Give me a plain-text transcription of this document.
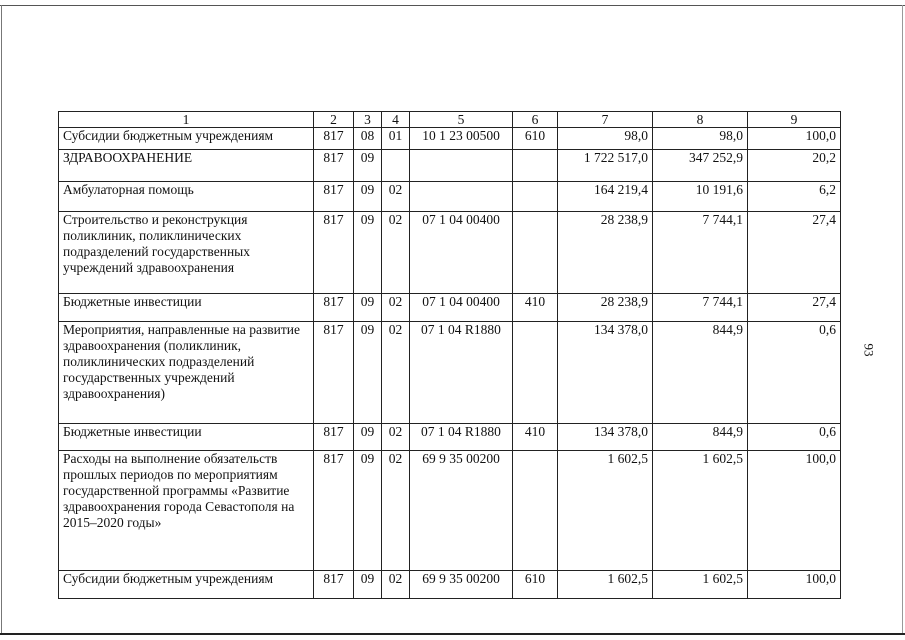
93
1	2	3	4	5	6	7	8	9
Субсидии бюджетным учреждениям	817	08	01	10 1 23 00500	610	98,0	98,0	100,0
ЗДРАВООХРАНЕНИЕ	817	09				1 722 517,0	347 252,9	20,2
Амбулаторная помощь	817	09	02			164 219,4	10 191,6	6,2
Строительство и реконструкция поликлиник, поликлинических подразделений государственных учреждений здравоохранения	817	09	02	07 1 04 00400		28 238,9	7 744,1	27,4
Бюджетные инвестиции	817	09	02	07 1 04 00400	410	28 238,9	7 744,1	27,4
Мероприятия, направленные на развитие здравоохранения (поликлиник, поликлинических подразделений государственных учреждений здравоохранения)	817	09	02	07 1 04 R1880		134 378,0	844,9	0,6
Бюджетные инвестиции	817	09	02	07 1 04 R1880	410	134 378,0	844,9	0,6
Расходы на выполнение обязательств прошлых периодов по мероприятиям государственной программы «Развитие здравоохранения города Севастополя на 2015–2020 годы»	817	09	02	69 9 35 00200		1 602,5	1 602,5	100,0
Субсидии бюджетным учреждениям	817	09	02	69 9 35 00200	610	1 602,5	1 602,5	100,0
